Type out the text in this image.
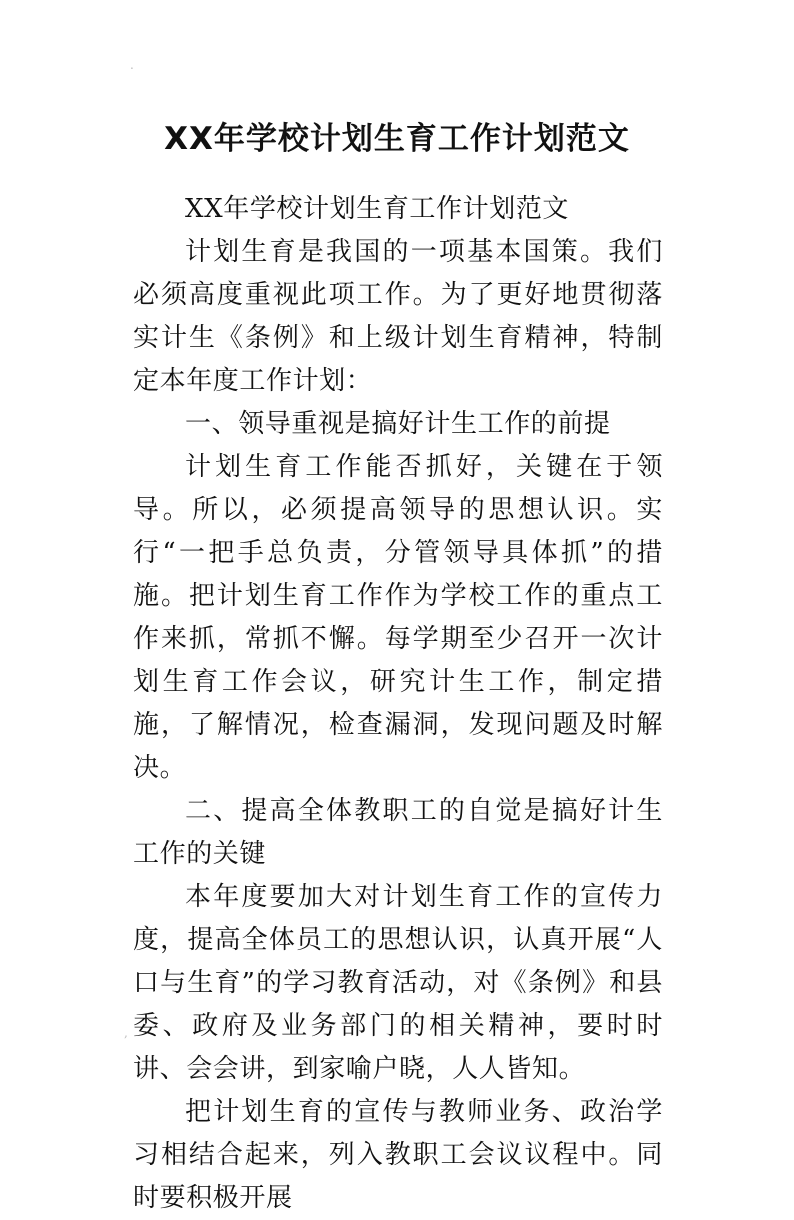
.
XX年学校计划生育工作计划范文

XX年学校计划生育工作计划范文

计划生育是我国的一项基本国策。我们必须高度重视此项工作。为了更好地贯彻落实计生《条例》和上级计划生育精神，特制定本年度工作计划：

一、领导重视是搞好计生工作的前提

计划生育工作能否抓好，关键在于领导。所以，必须提高领导的思想认识。实行“一把手总负责，分管领导具体抓”的措施。把计划生育工作作为学校工作的重点工作来抓，常抓不懈。每学期至少召开一次计划生育工作会议，研究计生工作，制定措施，了解情况，检查漏洞，发现问题及时解决。

二、提高全体教职工的自觉是搞好计生工作的关键

本年度要加大对计划生育工作的宣传力度，提高全体员工的思想认识，认真开展“人口与生育”的学习教育活动，对《条例》和县委、政府及业务部门的相关精神，要时时讲、会会讲，到家喻户晓，人人皆知。

把计划生育的宣传与教师业务、政治学习相结合起来，列入教职工会议议程中。同时要积极开展

,
